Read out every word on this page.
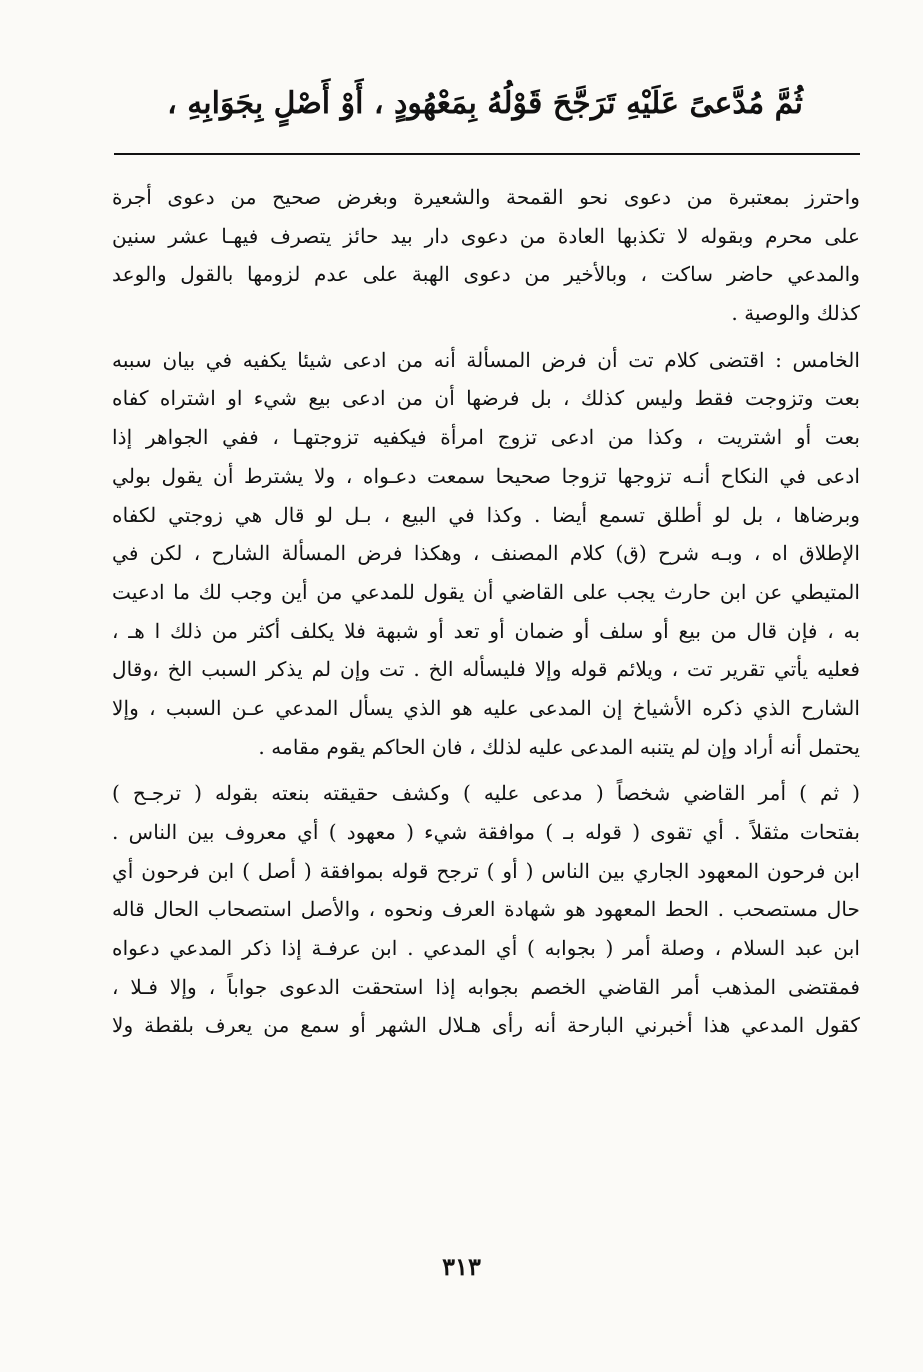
ثُمَّ مُدَّعىً عَلَيْهِ تَرَجَّحَ قَوْلُهُ بِمَعْهُودٍ ، أَوْ أَصْلٍ بِجَوَابِهِ ،

واحترز بمعتبرة من دعوى نحو القمحة والشعيرة وبغرض صحيح من دعوى أجرة
على محرم وبقوله لا تكذبها العادة من دعوى دار بيد حائز يتصرف فيهـا عشر سنين
والمدعي حاضر ساكت ، وبالأخير من دعوى الهبة على عدم لزومها بالقول والوعد
كذلك والوصية .

الخامس : اقتضى كلام تت أن فرض المسألة أنه من ادعى شيئا يكفيه في بيان سببه
بعت وتزوجت فقط وليس كذلك ، بل فرضها أن من ادعى بيع شيء او اشتراه كفاه
بعت أو اشتريت ، وكذا من ادعى تزوج امرأة فيكفيه تزوجتهـا ، ففي الجواهر إذا
ادعى في النكاح أنـه تزوجها تزوجا صحيحا سمعت دعـواه ، ولا يشترط أن يقول بولي
وبرضاها ، بل لو أطلق تسمع أيضا . وكذا في البيع ، بـل لو قال هي زوجتي لكفاه
الإطلاق اه ، وبـه شرح (ق) كلام المصنف ، وهكذا فرض المسألة الشارح ، لكن في
المتيطي عن ابن حارث يجب على القاضي أن يقول للمدعي من أين وجب لك ما ادعيت
به ، فإن قال من بيع أو سلف أو ضمان أو تعد أو شبهة فلا يكلف أكثر من ذلك ا هـ ،
فعليه يأتي تقرير تت ، ويلائم قوله وإلا فليسأله الخ . تت وإن لم يذكر السبب الخ ،وقال
الشارح الذي ذكره الأشياخ إن المدعى عليه هو الذي يسأل المدعي عـن السبب ، وإلا
يحتمل أنه أراد وإن لم يتنبه المدعى عليه لذلك ، فان الحاكم يقوم مقامه .

( ثم ) أمر القاضي شخصاً ( مدعى عليه ) وكشف حقيقته بنعته بقوله ( ترجـح )
بفتحات مثقلاً . أي تقوى ( قوله بـ ) موافقة شيء ( معهود ) أي معروف بين الناس .
ابن فرحون المعهود الجاري بين الناس ( أو ) ترجح قوله بموافقة ( أصل ) ابن فرحون أي
حال مستصحب . الحط المعهود هو شهادة العرف ونحوه ، والأصل استصحاب الحال قاله
ابن عبد السلام ، وصلة أمر ( بجوابه ) أي المدعي . ابن عرفـة إذا ذكر المدعي دعواه
فمقتضى المذهب أمر القاضي الخصم بجوابه إذا استحقت الدعوى جواباً ، وإلا فـلا ،
كقول المدعي هذا أخبرني البارحة أنه رأى هـلال الشهر أو سمع من يعرف بلقطة ولا

٣١٣
